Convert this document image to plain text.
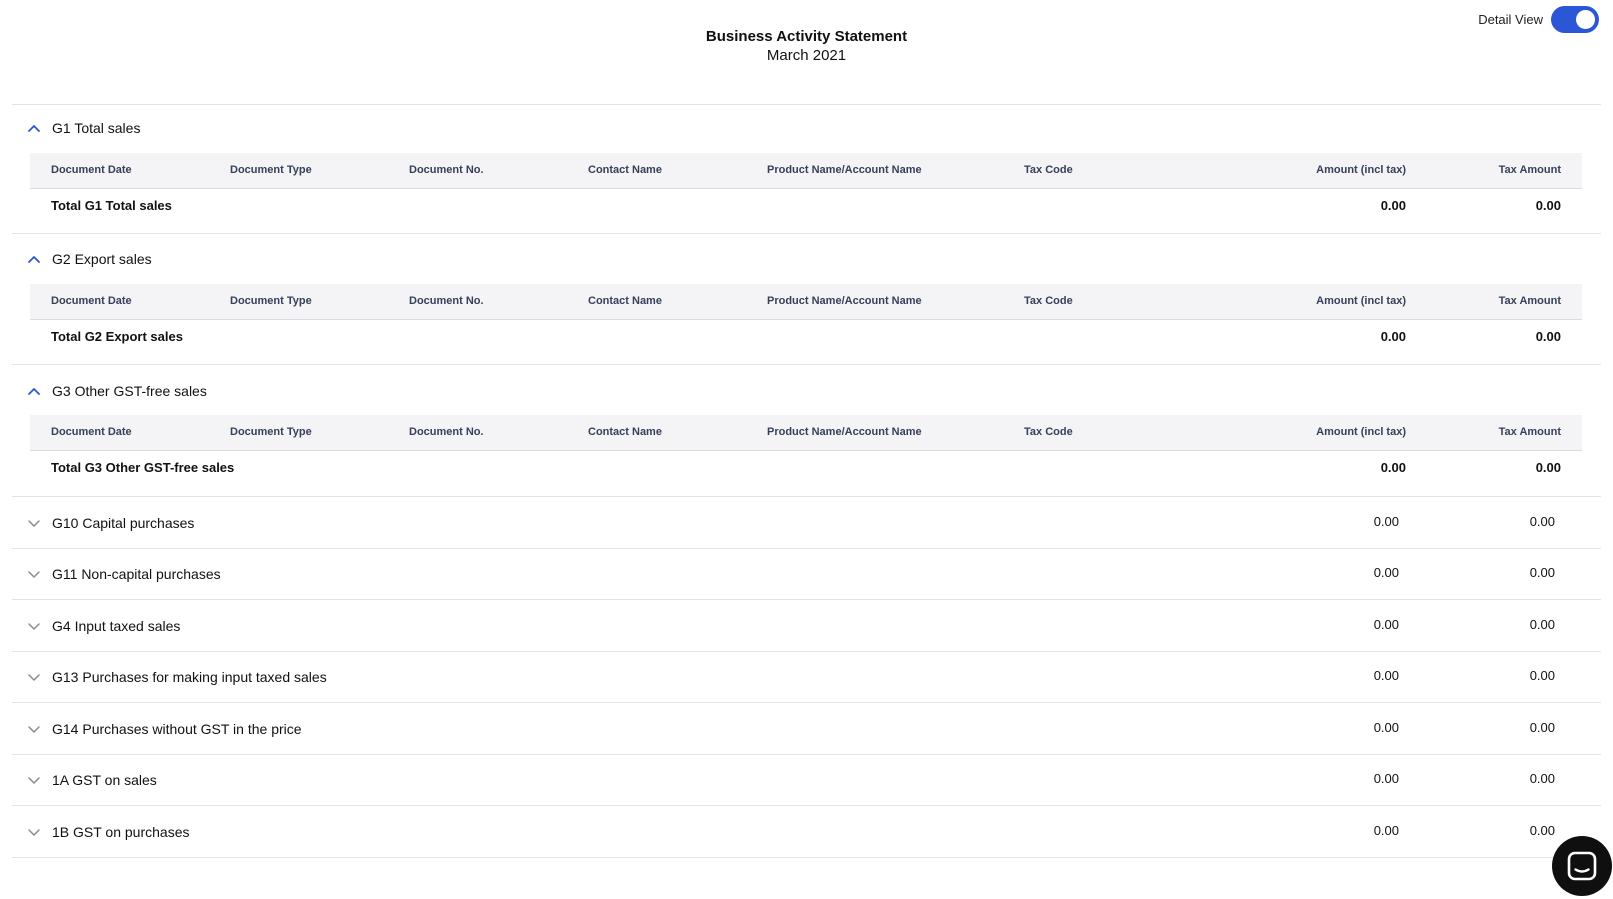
Business Activity Statement
March 2021
Detail View
G1 Total sales
Document Date	Document Type	Document No.	Contact Name	Product Name/Account Name	Tax Code	Amount (incl tax)	Tax Amount
Total G1 Total sales	0.00	0.00
G2 Export sales
Document Date	Document Type	Document No.	Contact Name	Product Name/Account Name	Tax Code	Amount (incl tax)	Tax Amount
Total G2 Export sales	0.00	0.00
G3 Other GST-free sales
Document Date	Document Type	Document No.	Contact Name	Product Name/Account Name	Tax Code	Amount (incl tax)	Tax Amount
Total G3 Other GST-free sales	0.00	0.00
G10 Capital purchases	0.00	0.00
G11 Non-capital purchases	0.00	0.00
G4 Input taxed sales	0.00	0.00
G13 Purchases for making input taxed sales	0.00	0.00
G14 Purchases without GST in the price	0.00	0.00
1A GST on sales	0.00	0.00
1B GST on purchases	0.00	0.00
